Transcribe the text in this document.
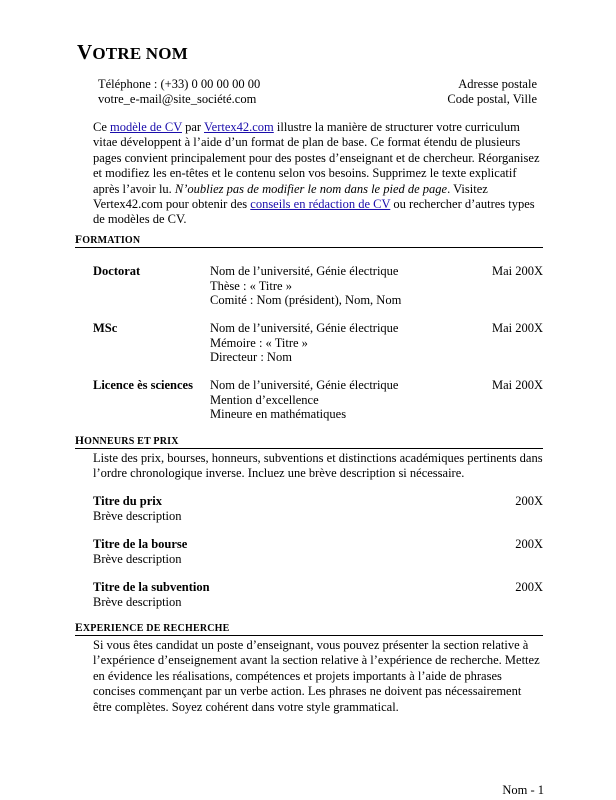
VOTRE NOM
Téléphone : (+33) 0 00 00 00 00
votre_e-mail@site_société.com
Adresse postale
Code postal, Ville
Ce modèle de CV par Vertex42.com illustre la manière de structurer votre curriculum vitae développent à l’aide d’un format de plan de base. Ce format étendu de plusieurs pages convient principalement pour des postes d’enseignant et de chercheur. Réorganisez et modifiez les en-têtes et le contenu selon vos besoins. Supprimez le texte explicatif après l’avoir lu. N’oubliez pas de modifier le nom dans le pied de page. Visitez Vertex42.com pour obtenir des conseils en rédaction de CV ou rechercher d’autres types de modèles de CV.
FORMATION
Doctorat	Nom de l’université, Génie électrique
Thèse : « Titre »
Comité : Nom (président), Nom, Nom
Mai 200X
MSc	Nom de l’université, Génie électrique
Mémoire : « Titre »
Directeur : Nom
Mai 200X
Licence ès sciences Nom de l’université, Génie électrique
Mention d’excellence
Mineure en mathématiques
Mai 200X
HONNEURS ET PRIX
Liste des prix, bourses, honneurs, subventions et distinctions académiques pertinents dans l’ordre chronologique inverse. Incluez une brève description si nécessaire.
Titre du prix
Brève description
200X
Titre de la bourse
Brève description
200X
Titre de la subvention
Brève description
200X
EXPERIENCE DE RECHERCHE
Si vous êtes candidat un poste d’enseignant, vous pouvez présenter la section relative à l’expérience d’enseignement avant la section relative à l’expérience de recherche. Mettez en évidence les réalisations, compétences et projets importants à l’aide de phrases concises commençant par un verbe action. Les phrases ne doivent pas nécessairement être complètes. Soyez cohérent dans votre style grammatical.
Nom - 1
